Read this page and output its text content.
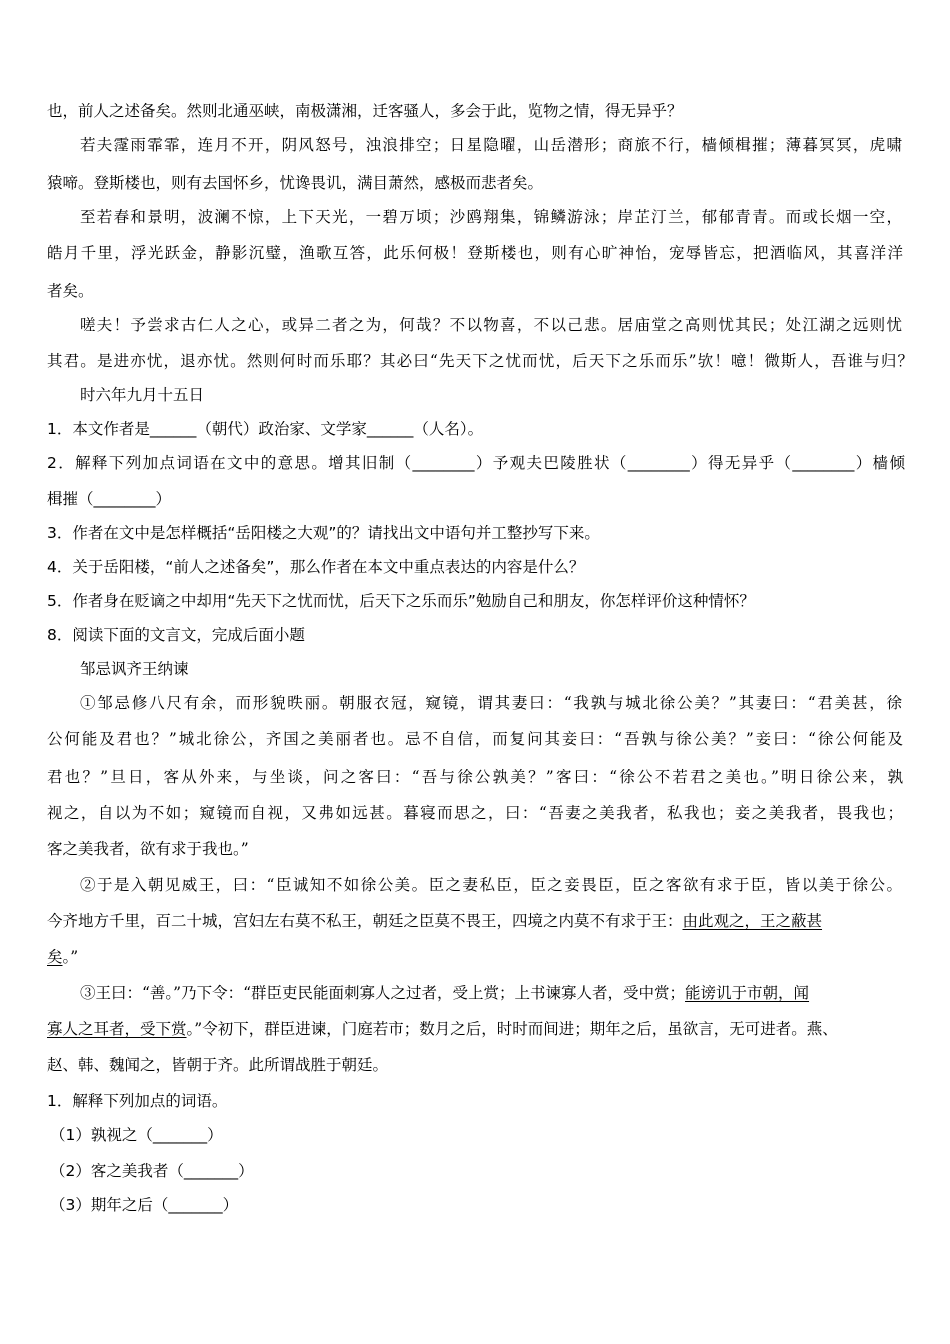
也，前人之述备矣。然则北通巫峡，南极潇湘，迁客骚人，多会于此，览物之情，得无异乎？
若夫霪雨霏霏，连月不开，阴风怒号，浊浪排空；日星隐曜，山岳潜形；商旅不行，樯倾楫摧；薄暮冥冥，虎啸
猿啼。登斯楼也，则有去国怀乡，忧谗畏讥，满目萧然，感极而悲者矣。
至若春和景明，波澜不惊，上下天光，一碧万顷；沙鸥翔集，锦鳞游泳；岸芷汀兰，郁郁青青。而或长烟一空，
皓月千里，浮光跃金，静影沉璧，渔歌互答，此乐何极！登斯楼也，则有心旷神怡，宠辱皆忘，把酒临风，其喜洋洋
者矣。
嗟夫！予尝求古仁人之心，或异二者之为，何哉？不以物喜，不以己悲。居庙堂之高则忧其民；处江湖之远则忧
其君。是进亦忧，退亦忧。然则何时而乐耶？其必曰“先天下之忧而忧，后天下之乐而乐”欤！噫！微斯人，吾谁与归？
时六年九月十五日
1．本文作者是______（朝代）政治家、文学家______（人名）。
2．解释下列加点词语在文中的意思。增其旧制（________）予观夫巴陵胜状（________）得无异乎（________）樯倾
楫摧（________）
3．作者在文中是怎样概括“岳阳楼之大观”的？请找出文中语句并工整抄写下来。
4．关于岳阳楼，“前人之述备矣”，那么作者在本文中重点表达的内容是什么？
5．作者身在贬谪之中却用“先天下之忧而忧，后天下之乐而乐”勉励自己和朋友，你怎样评价这种情怀？
8．阅读下面的文言文，完成后面小题
邹忌讽齐王纳谏
①邹忌修八尺有余，而形貌昳丽。朝服衣冠，窥镜，谓其妻曰：“我孰与城北徐公美？”其妻曰：“君美甚，徐
公何能及君也？”城北徐公，齐国之美丽者也。忌不自信，而复问其妾曰：“吾孰与徐公美？”妾曰：“徐公何能及
君也？”旦日，客从外来，与坐谈，问之客曰：“吾与徐公孰美？”客曰：“徐公不若君之美也。”明日徐公来，孰
视之，自以为不如；窥镜而自视，又弗如远甚。暮寝而思之，曰：“吾妻之美我者，私我也；妾之美我者，畏我也；
客之美我者，欲有求于我也。”
②于是入朝见威王，曰：“臣诚知不如徐公美。臣之妻私臣，臣之妾畏臣，臣之客欲有求于臣，皆以美于徐公。
今齐地方千里，百二十城，宫妇左右莫不私王，朝廷之臣莫不畏王，四境之内莫不有求于王：由此观之，王之蔽甚
矣。”
③王曰：“善。”乃下令：“群臣吏民能面刺寡人之过者，受上赏；上书谏寡人者，受中赏；能谤讥于市朝，闻
寡人之耳者，受下赏。”令初下，群臣进谏，门庭若市；数月之后，时时而间进；期年之后，虽欲言，无可进者。燕、
赵、韩、魏闻之，皆朝于齐。此所谓战胜于朝廷。
1．解释下列加点的词语。
（1）孰视之（_______）
（2）客之美我者（_______）
（3）期年之后（_______）
